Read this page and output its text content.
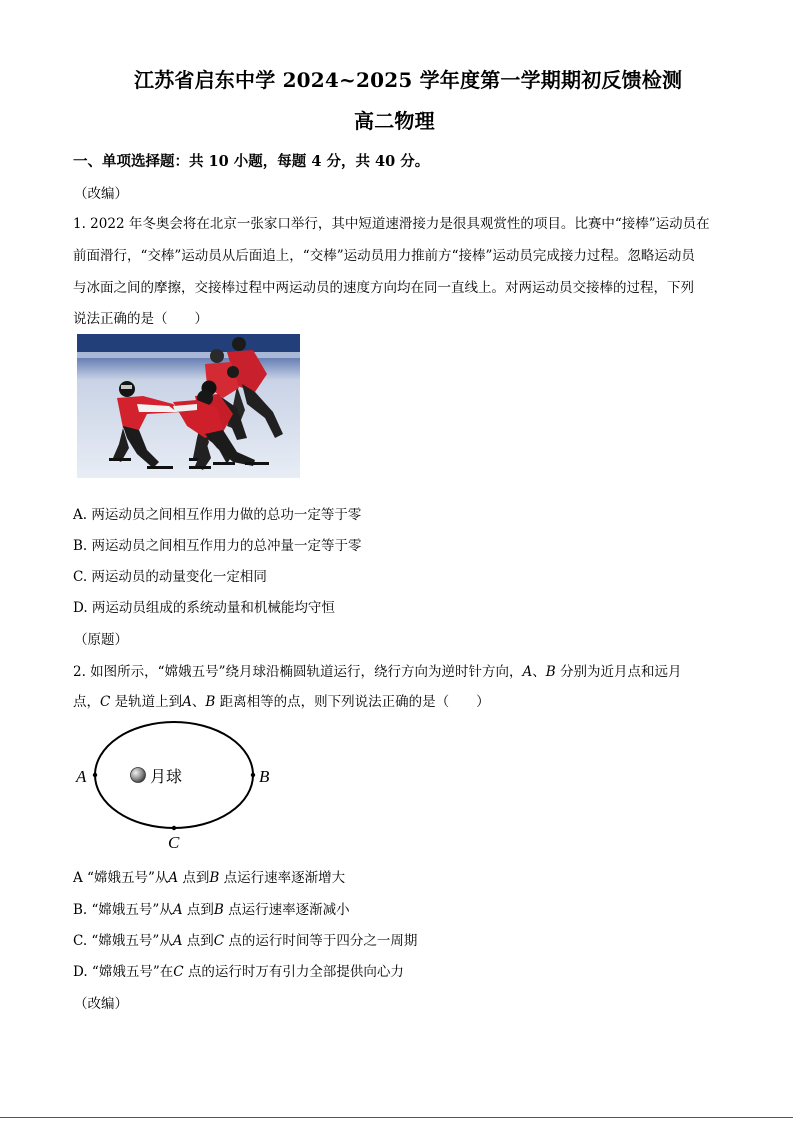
江苏省启东中学 2024~2025 学年度第一学期期初反馈检测
高二物理
一、单项选择题：共 10 小题，每题 4 分，共 40 分。
（改编）
1. 2022 年冬奥会将在北京一张家口举行，其中短道速滑接力是很具观赏性的项目。比赛中“接棒”运动员在
前面滑行，“交棒”运动员从后面追上，“交棒”运动员用力推前方“接棒”运动员完成接力过程。忽略运动员
与冰面之间的摩擦，交接棒过程中两运动员的速度方向均在同一直线上。对两运动员交接棒的过程，下列
说法正确的是（　　）
A. 两运动员之间相互作用力做的总功一定等于零
B. 两运动员之间相互作用力的总冲量一定等于零
C. 两运动员的动量变化一定相同
D. 两运动员组成的系统动量和机械能均守恒
（原题）
2. 如图所示，“嫦娥五号”绕月球沿椭圆轨道运行，绕行方向为逆时针方向，A、B 分别为近月点和远月
点，C 是轨道上到A、B 距离相等的点，则下列说法正确的是（　　）
A	B
C
月球
A “嫦娥五号”从A 点到B 点运行速率逐渐增大
B. “嫦娥五号”从A 点到B 点运行速率逐渐减小
C. “嫦娥五号”从A 点到C 点的运行时间等于四分之一周期
D. “嫦娥五号”在C 点的运行时万有引力全部提供向心力
（改编）
